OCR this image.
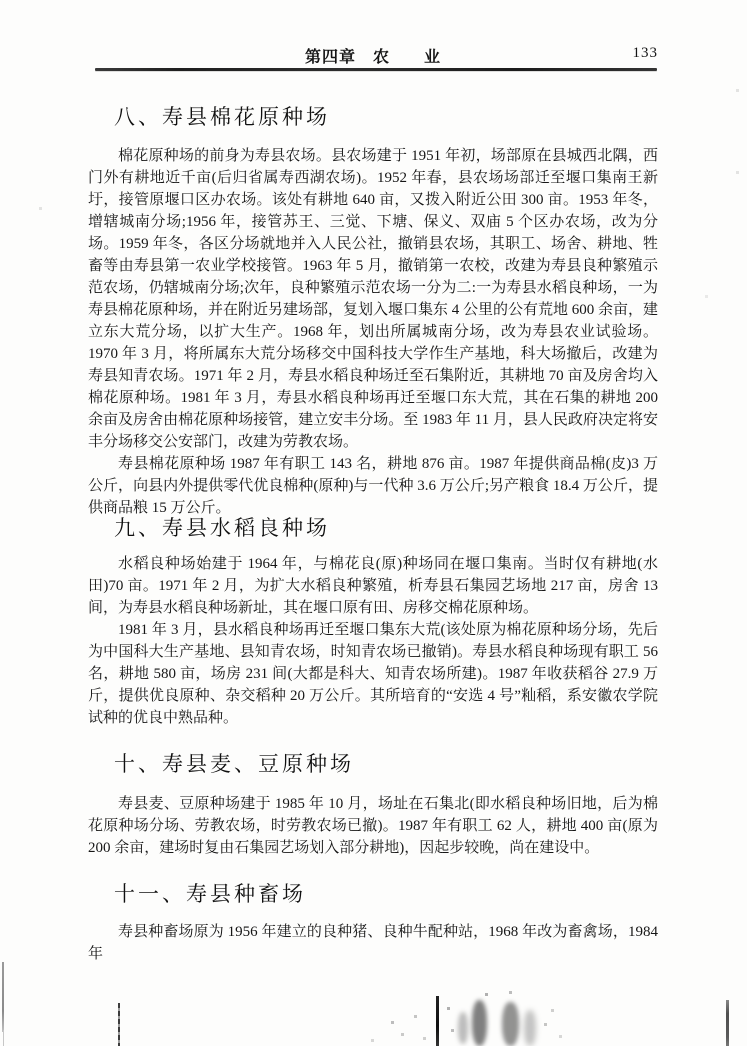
第四章　农　　业	133
八、寿县棉花原种场

棉花原种场的前身为寿县农场。县农场建于 1951 年初，场部原在县城西北隅，西门外有耕地近千亩(后归省属寿西湖农场)。1952 年春，县农场场部迁至堰口集南王新圩，接管原堰口区办农场。该处有耕地 640 亩，又拨入附近公田 300 亩。1953 年冬，增辖城南分场;1956 年，接管苏王、三觉、下塘、保义、双庙 5 个区办农场，改为分场。1959 年冬，各区分场就地并入人民公社，撤销县农场，其职工、场舍、耕地、牲畜等由寿县第一农业学校接管。1963 年 5 月，撤销第一农校，改建为寿县良种繁殖示范农场，仍辖城南分场;次年，良种繁殖示范农场一分为二:一为寿县水稻良种场，一为寿县棉花原种场，并在附近另建场部，复划入堰口集东 4 公里的公有荒地 600 余亩，建立东大荒分场，以扩大生产。1968 年，划出所属城南分场，改为寿县农业试验场。1970 年 3 月，将所属东大荒分场移交中国科技大学作生产基地，科大场撤后，改建为寿县知青农场。1971 年 2 月，寿县水稻良种场迁至石集附近，其耕地 70 亩及房舍均入棉花原种场。1981 年 3 月，寿县水稻良种场再迁至堰口东大荒，其在石集的耕地 200 余亩及房舍由棉花原种场接管，建立安丰分场。至 1983 年 11 月，县人民政府决定将安丰分场移交公安部门，改建为劳教农场。

寿县棉花原种场 1987 年有职工 143 名，耕地 876 亩。1987 年提供商品棉(皮)3 万公斤，向县内外提供零代优良棉种(原种)与一代种 3.6 万公斤;另产粮食 18.4 万公斤，提供商品粮 15 万公斤。

九、寿县水稻良种场

水稻良种场始建于 1964 年，与棉花良(原)种场同在堰口集南。当时仅有耕地(水田)70 亩。1971 年 2 月，为扩大水稻良种繁殖，析寿县石集园艺场地 217 亩，房舍 13 间，为寿县水稻良种场新址，其在堰口原有田、房移交棉花原种场。

1981 年 3 月，县水稻良种场再迁至堰口集东大荒(该处原为棉花原种场分场，先后为中国科大生产基地、县知青农场，时知青农场已撤销)。寿县水稻良种场现有职工 56 名，耕地 580 亩，场房 231 间(大都是科大、知青农场所建)。1987 年收获稻谷 27.9 万斤，提供优良原种、杂交稻种 20 万公斤。其所培育的“安选 4 号”籼稻，系安徽农学院试种的优良中熟品种。

十、寿县麦、豆原种场

寿县麦、豆原种场建于 1985 年 10 月，场址在石集北(即水稻良种场旧地，后为棉花原种场分场、劳教农场，时劳教农场已撤)。1987 年有职工 62 人，耕地 400 亩(原为 200 余亩，建场时复由石集园艺场划入部分耕地)，因起步较晚，尚在建设中。

十一、寿县种畜场

寿县种畜场原为 1956 年建立的良种猪、良种牛配种站，1968 年改为畜禽场，1984 年
